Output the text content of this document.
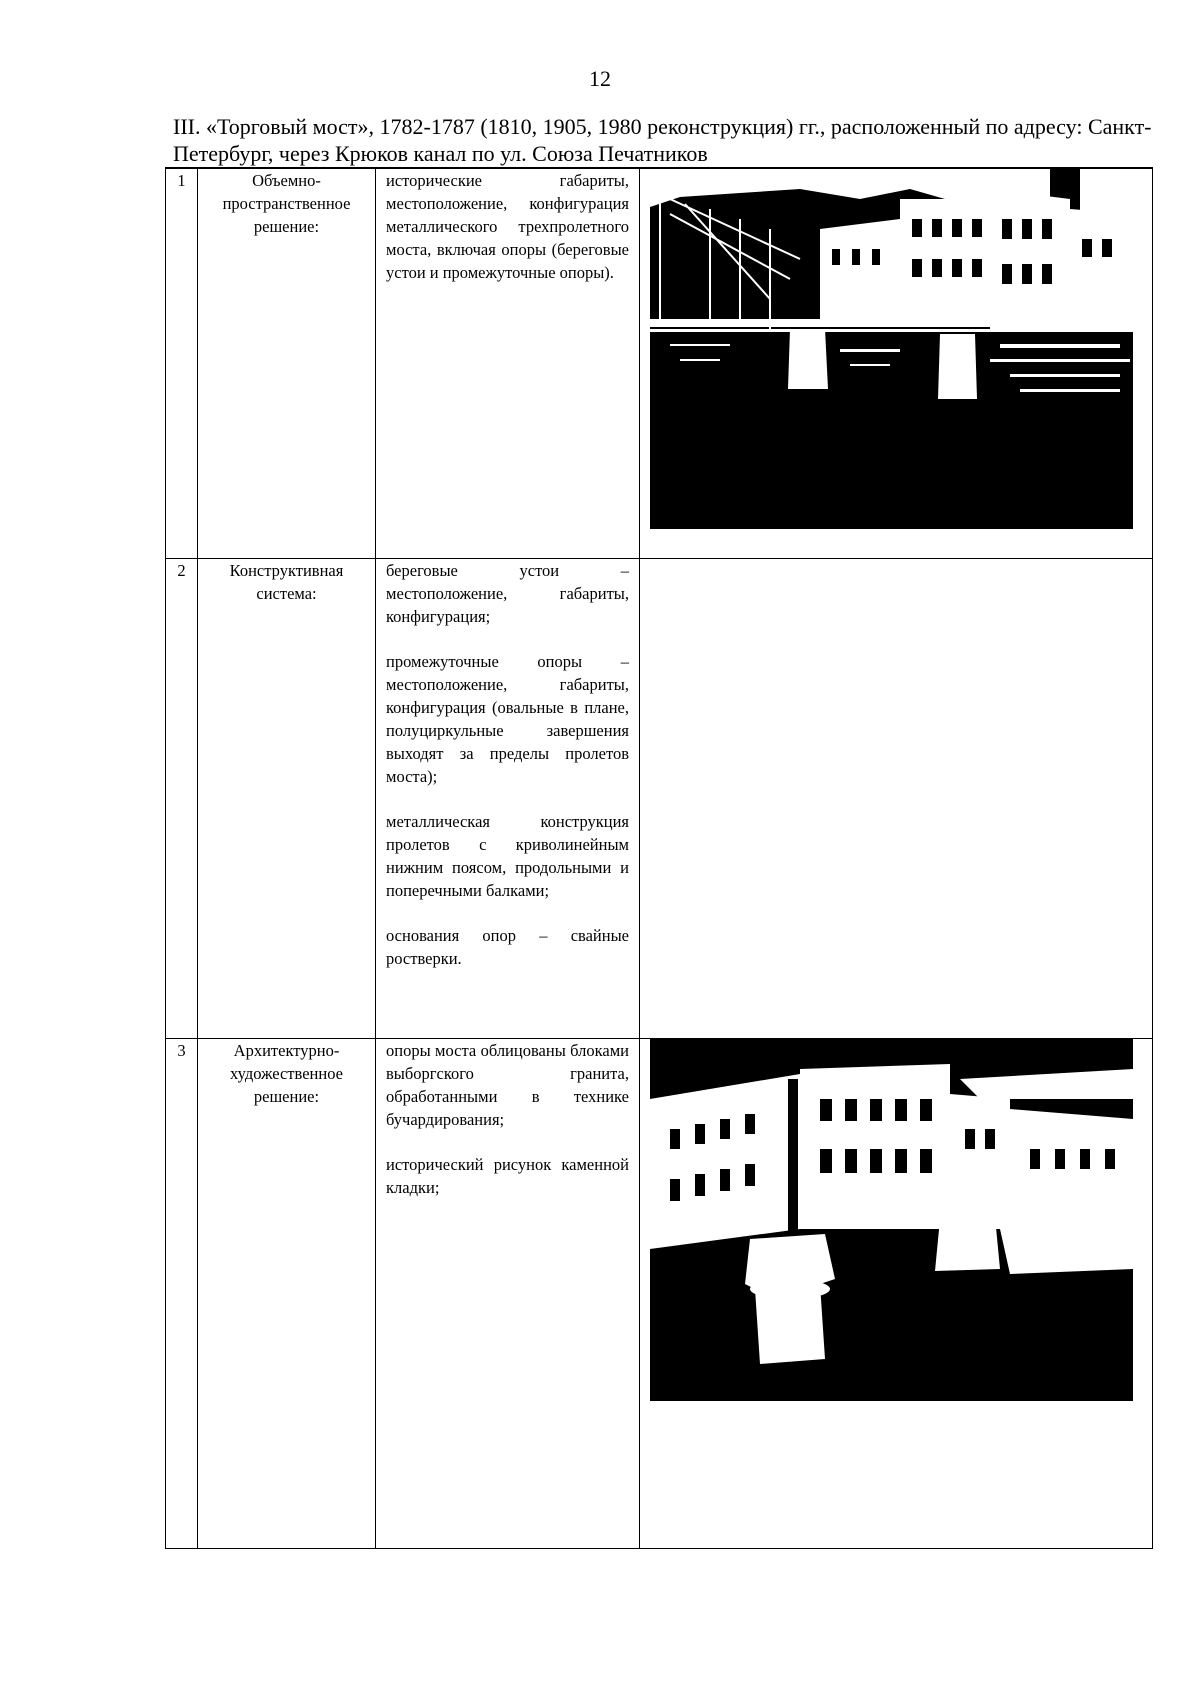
12
III. «Торговый мост», 1782-1787 (1810, 1905, 1980 реконструкция) гг., расположенный по адресу: Санкт-Петербург, через Крюков канал по ул. Союза Печатников
1	Объемно-пространственное решение:	исторические габариты, местоположение, конфигурация металлического трехпролетного моста, включая опоры (береговые устои и промежуточные опоры).

2	Конструктивная система:	береговые устои – местоположение, габариты, конфигурация;

промежуточные опоры – местоположение, габариты, конфигурация (овальные в плане, полуциркульные завершения выходят за пределы пролетов моста);

металлическая конструкция пролетов с криволинейным нижним поясом, продольными и поперечными балками;

основания опор – свайные ростверки.	

3	Архитектурно-художественное решение:	опоры моста облицованы блоками выборгского гранита, обработанными в технике бучардирования;

исторический рисунок каменной кладки;
